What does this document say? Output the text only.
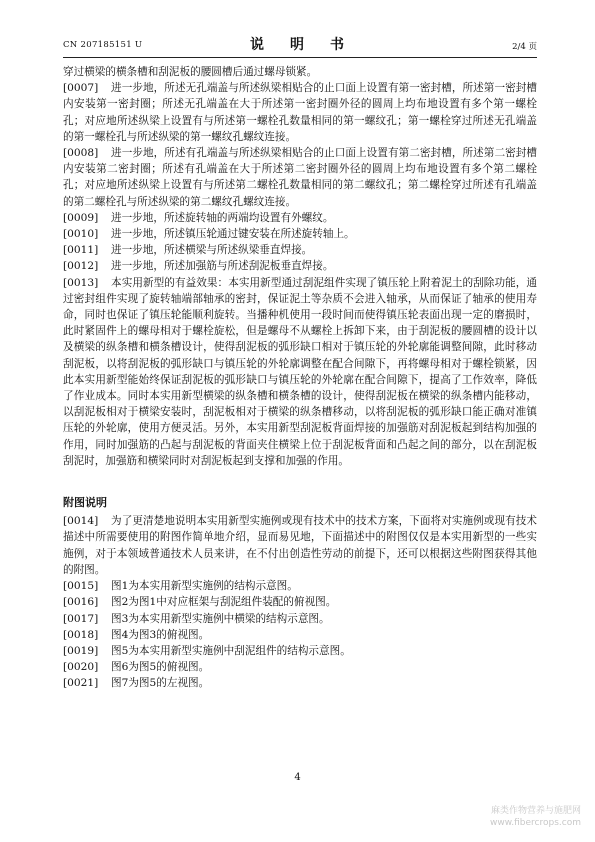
CN 207185151 U	说　明　书	2/4 页

穿过横梁的横条槽和刮泥板的腰圆槽后通过螺母锁紧。

[0007] 进一步地，所述无孔端盖与所述纵梁相贴合的止口面上设置有第一密封槽，所述第一密封槽内安装第一密封圈；所述无孔端盖在大于所述第一密封圈外径的圆周上均布地设置有多个第一螺栓孔；对应地所述纵梁上设置有与所述第一螺栓孔数量相同的第一螺纹孔；第一螺栓穿过所述无孔端盖的第一螺栓孔与所述纵梁的第一螺纹孔螺纹连接。

[0008] 进一步地，所述有孔端盖与所述纵梁相贴合的止口面上设置有第二密封槽，所述第二密封槽内安装第二密封圈；所述有孔端盖在大于所述第二密封圈外径的圆周上均布地设置有多个第二螺栓孔；对应地所述纵梁上设置有与所述第二螺栓孔数量相同的第二螺纹孔；第二螺栓穿过所述有孔端盖的第二螺栓孔与所述纵梁的第二螺纹孔螺纹连接。

[0009] 进一步地，所述旋转轴的两端均设置有外螺纹。

[0010] 进一步地，所述镇压轮通过键安装在所述旋转轴上。

[0011] 进一步地，所述横梁与所述纵梁垂直焊接。

[0012] 进一步地，所述加强筋与所述刮泥板垂直焊接。

[0013] 本实用新型的有益效果：本实用新型通过刮泥组件实现了镇压轮上附着泥土的刮除功能，通过密封组件实现了旋转轴端部轴承的密封，保证泥土等杂质不会进入轴承，从而保证了轴承的使用寿命，同时也保证了镇压轮能顺利旋转。当播种机使用一段时间而使得镇压轮表面出现一定的磨损时，此时紧固件上的螺母相对于螺栓旋松，但是螺母不从螺栓上拆卸下来，由于刮泥板的腰圆槽的设计以及横梁的纵条槽和横条槽设计，使得刮泥板的弧形缺口相对于镇压轮的外轮廓能调整间隙，此时移动刮泥板，以将刮泥板的弧形缺口与镇压轮的外轮廓调整在配合间隙下，再将螺母相对于螺栓锁紧，因此本实用新型能始终保证刮泥板的弧形缺口与镇压轮的外轮廓在配合间隙下，提高了工作效率，降低了作业成本。同时本实用新型横梁的纵条槽和横条槽的设计，使得刮泥板在横梁的纵条槽内能移动，以刮泥板相对于横梁安装时，刮泥板相对于横梁的纵条槽移动，以将刮泥板的弧形缺口能正确对准镇压轮的外轮廓，使用方便灵活。另外，本实用新型刮泥板背面焊接的加强筋对刮泥板起到结构加强的作用，同时加强筋的凸起与刮泥板的背面夹住横梁上位于刮泥板背面和凸起之间的部分，以在刮泥板刮泥时，加强筋和横梁同时对刮泥板起到支撑和加强的作用。

附图说明

[0014] 为了更清楚地说明本实用新型实施例或现有技术中的技术方案，下面将对实施例或现有技术描述中所需要使用的附图作简单地介绍，显而易见地，下面描述中的附图仅仅是本实用新型的一些实施例，对于本领域普通技术人员来讲，在不付出创造性劳动的前提下，还可以根据这些附图获得其他的附图。

[0015] 图1为本实用新型实施例的结构示意图。

[0016] 图2为图1中对应框架与刮泥组件装配的俯视图。

[0017] 图3为本实用新型实施例中横梁的结构示意图。

[0018] 图4为图3的俯视图。

[0019] 图5为本实用新型实施例中刮泥组件的结构示意图。

[0020] 图6为图5的俯视图。

[0021] 图7为图5的左视图。

4
麻类作物营养与施肥网
www.fibercrops.com
